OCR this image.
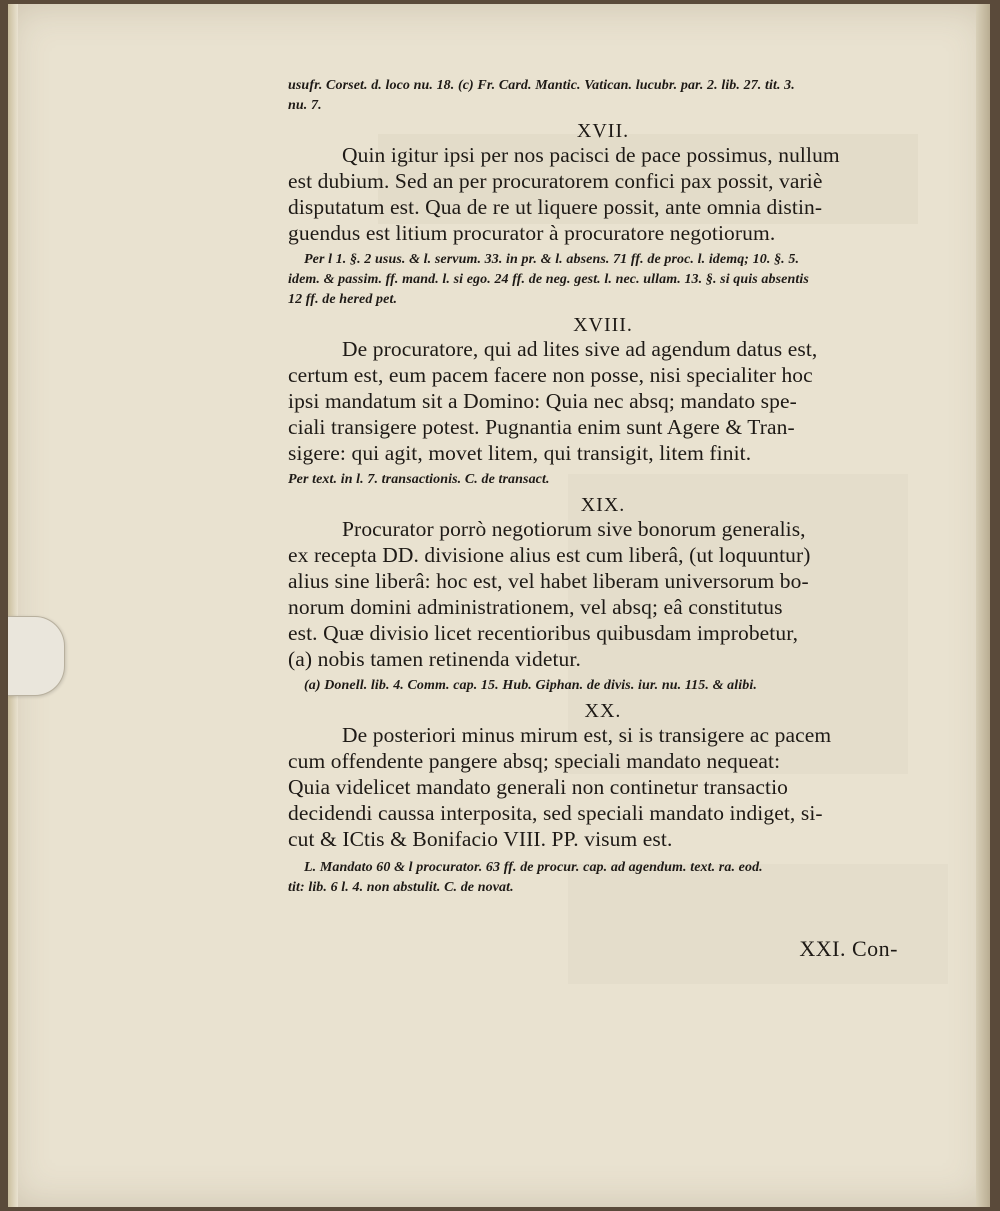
usufr. Corset. d. loco nu. 18. (c) Fr. Card. Mantic. Vatican. lucubr. par. 2. lib. 27. tit. 3.

nu. 7.

XVII.

Quin igitur ipsi per nos pacisci de pace possimus, nullum

est dubium. Sed an per procuratorem confici pax possit, variè

disputatum est. Qua de re ut liquere possit, ante omnia distin-

guendus est litium procurator à procuratore negotiorum.

Per l 1. §. 2 usus. & l. servum. 33. in pr. & l. absens. 71 ff. de proc. l. idemq; 10. §. 5.

idem. & passim. ff. mand. l. si ego. 24 ff. de neg. gest. l. nec. ullam. 13. §. si quis absentis

12 ff. de hered pet.

XVIII.

De procuratore, qui ad lites sive ad agendum datus est,

certum est, eum pacem facere non posse, nisi specialiter hoc

ipsi mandatum sit a Domino: Quia nec absq; mandato spe-

ciali transigere potest. Pugnantia enim sunt Agere & Tran-

sigere: qui agit, movet litem, qui transigit, litem finit.

Per text. in l. 7. transactionis. C. de transact.

XIX.

Procurator porrò negotiorum sive bonorum generalis,

ex recepta DD. divisione alius est cum liberâ, (ut loquuntur)

alius sine liberâ: hoc est, vel habet liberam universorum bo-

norum domini administrationem, vel absq; eâ constitutus

est. Quæ divisio licet recentioribus quibusdam improbetur,

(a) nobis tamen retinenda videtur.

(a) Donell. lib. 4. Comm. cap. 15. Hub. Giphan. de divis. iur. nu. 115. & alibi.

XX.

De posteriori minus mirum est, si is transigere ac pacem

cum offendente pangere absq; speciali mandato nequeat:

Quia videlicet mandato generali non continetur transactio

decidendi caussa interposita, sed speciali mandato indiget, si-

cut & ICtis & Bonifacio VIII. PP. visum est.

L. Mandato 60 & l procurator. 63 ff. de procur. cap. ad agendum. text. ra. eod.

tit: lib. 6 l. 4. non abstulit. C. de novat.

XXI. Con-
